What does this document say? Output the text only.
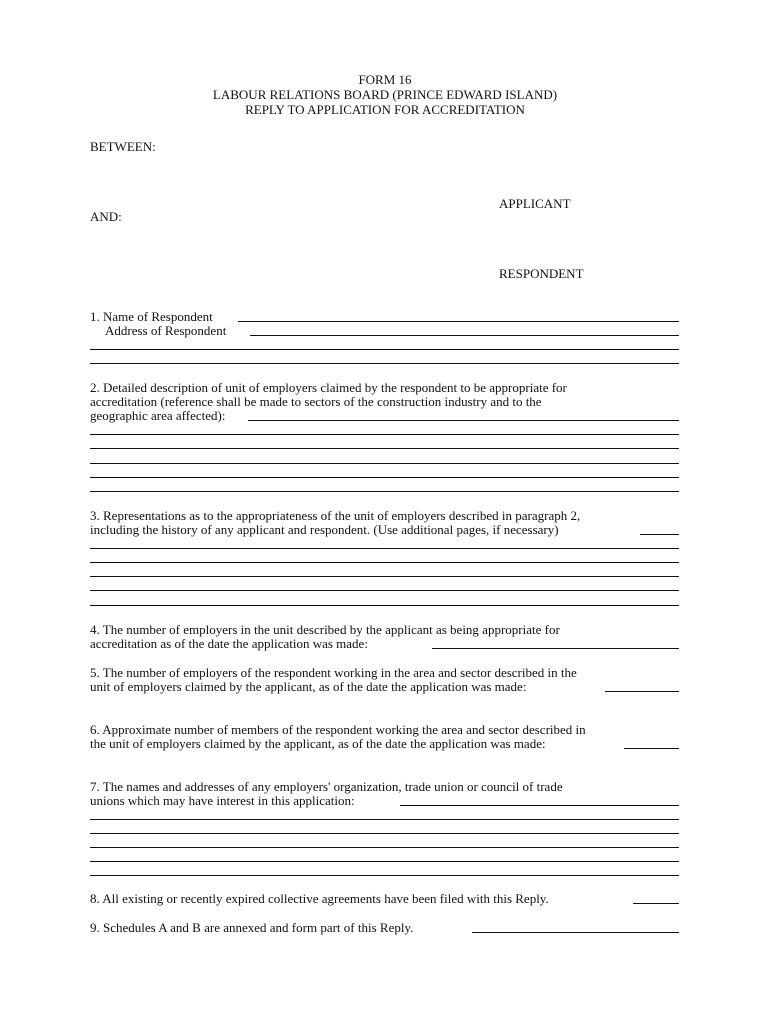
FORM 16
LABOUR RELATIONS BOARD (PRINCE EDWARD ISLAND)
REPLY TO APPLICATION FOR ACCREDITATION
BETWEEN:
APPLICANT
AND:
RESPONDENT
1. Name of Respondent
Address of Respondent
2. Detailed description of unit of employers claimed by the respondent to be appropriate for
accreditation (reference shall be made to sectors of the construction industry and to the
geographic area affected):
3. Representations as to the appropriateness of the unit of employers described in paragraph 2,
including the history of any applicant and respondent. (Use additional pages, if necessary)
4. The number of employers in the unit described by the applicant as being appropriate for
accreditation as of the date the application was made:
5. The number of employers of the respondent working in the area and sector described in the
unit of employers claimed by the applicant, as of the date the application was made:
6. Approximate number of members of the respondent working the area and sector described in
the unit of employers claimed by the applicant, as of the date the application was made:
7. The names and addresses of any employers' organization, trade union or council of trade
unions which may have interest in this application:
8. All existing or recently expired collective agreements have been filed with this Reply.
9. Schedules A and B are annexed and form part of this Reply.
